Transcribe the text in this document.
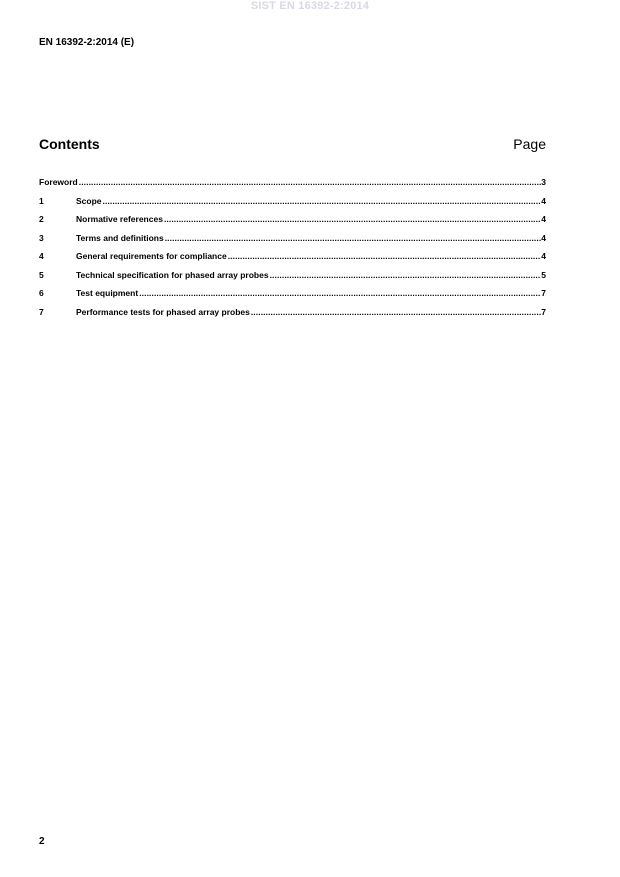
SIST EN 16392-2:2014
EN 16392-2:2014 (E)
Contents	Page
Foreword .....	3
1	Scope .....	4
2	Normative references .....	4
3	Terms and definitions .....	4
4	General requirements for compliance .....	4
5	Technical specification for phased array probes .....	5
6	Test equipment .....	7
7	Performance tests for phased array probes .....	7
2
